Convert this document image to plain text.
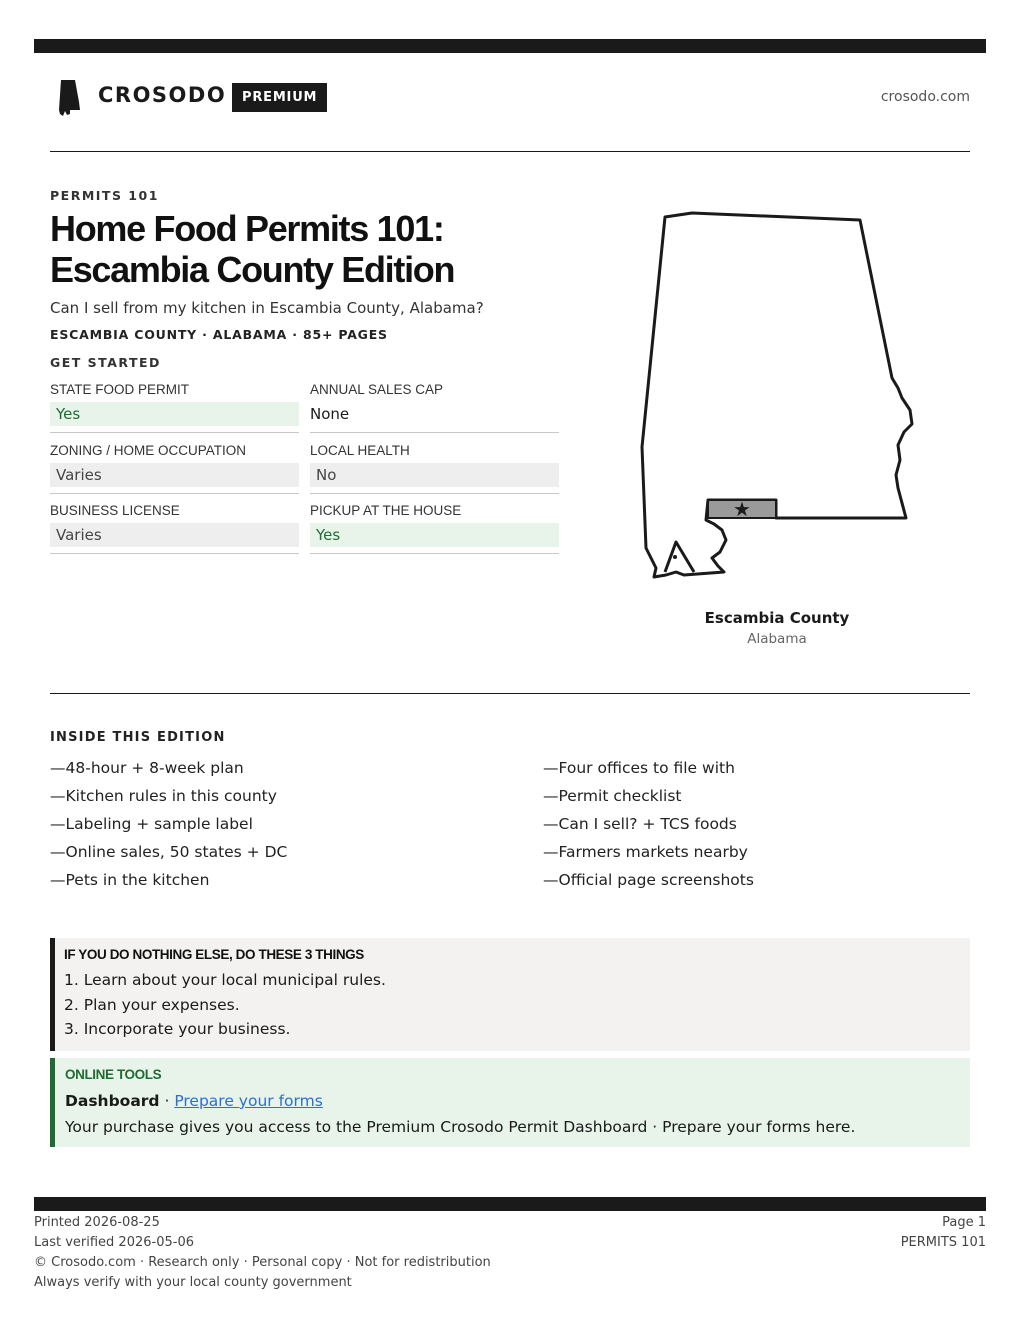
CROSODO	PREMIUM	crosodo.com
PERMITS 101
Home Food Permits 101:
Escambia County Edition
Can I sell from my kitchen in Escambia County, Alabama?
ESCAMBIA COUNTY · ALABAMA · 85+ PAGES
GET STARTED
STATE FOOD PERMIT
Yes
ANNUAL SALES CAP
None
ZONING / HOME OCCUPATION
Varies
LOCAL HEALTH
No
BUSINESS LICENSE
Varies
PICKUP AT THE HOUSE
Yes
★
Escambia County
Alabama
INSIDE THIS EDITION
—48-hour + 8-week plan
—Kitchen rules in this county
—Labeling + sample label
—Online sales, 50 states + DC
—Pets in the kitchen
—Four offices to file with
—Permit checklist
—Can I sell? + TCS foods
—Farmers markets nearby
—Official page screenshots
IF YOU DO NOTHING ELSE, DO THESE 3 THINGS
1. Learn about your local municipal rules.
2. Plan your expenses.
3. Incorporate your business.
ONLINE TOOLS
Dashboard · Prepare your forms
Your purchase gives you access to the Premium Crosodo Permit Dashboard · Prepare your forms here.
Printed 2026-08-25
Last verified 2026-05-06
© Crosodo.com · Research only · Personal copy · Not for redistribution
Always verify with your local county government
Page 1
PERMITS 101
